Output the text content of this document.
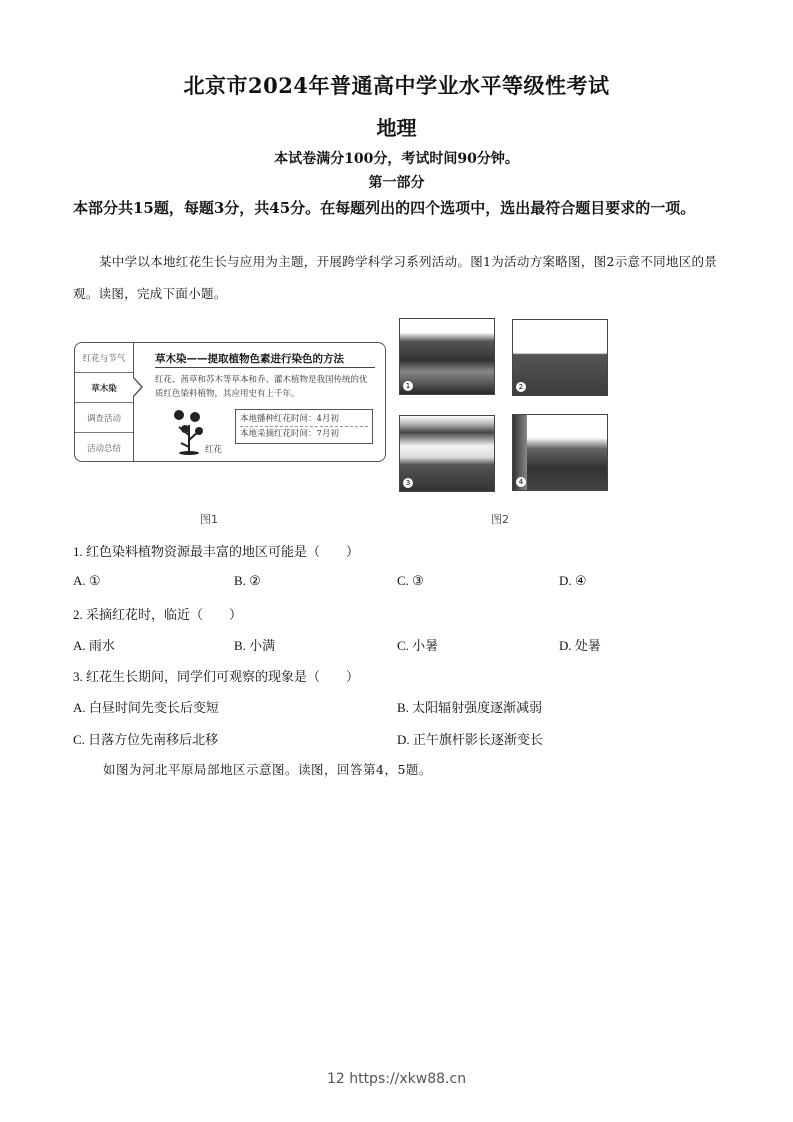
北京市2024年普通高中学业水平等级性考试
地理
本试卷满分100分，考试时间90分钟。
第一部分
本部分共15题，每题3分，共45分。在每题列出的四个选项中，选出最符合题目要求的一项。
某中学以本地红花生长与应用为主题，开展跨学科学习系列活动。图1为活动方案略图，图2示意不同地区的景观。读图，完成下面小题。
红花与节气
草木染
调查活动
活动总结
草木染——提取植物色素进行染色的方法
红花、茜草和苏木等草本和乔、灌木植物是我国传统的优质红色染料植物，其应用史有上千年。
红花
本地播种红花时间：4月初
本地采摘红花时间：7月初
1	2
3	4
图1	图2
1. 红色染料植物资源最丰富的地区可能是（　　）
A. ①	B. ②	C. ③	D. ④
2. 采摘红花时，临近（　　）
A. 雨水	B. 小满	C. 小暑	D. 处暑
3. 红花生长期间，同学们可观察的现象是（　　）
A. 白昼时间先变长后变短	B. 太阳辐射强度逐渐减弱
C. 日落方位先南移后北移	D. 正午旗杆影长逐渐变长
如图为河北平原局部地区示意图。读图，回答第4，5题。
12 https://xkw88.cn
